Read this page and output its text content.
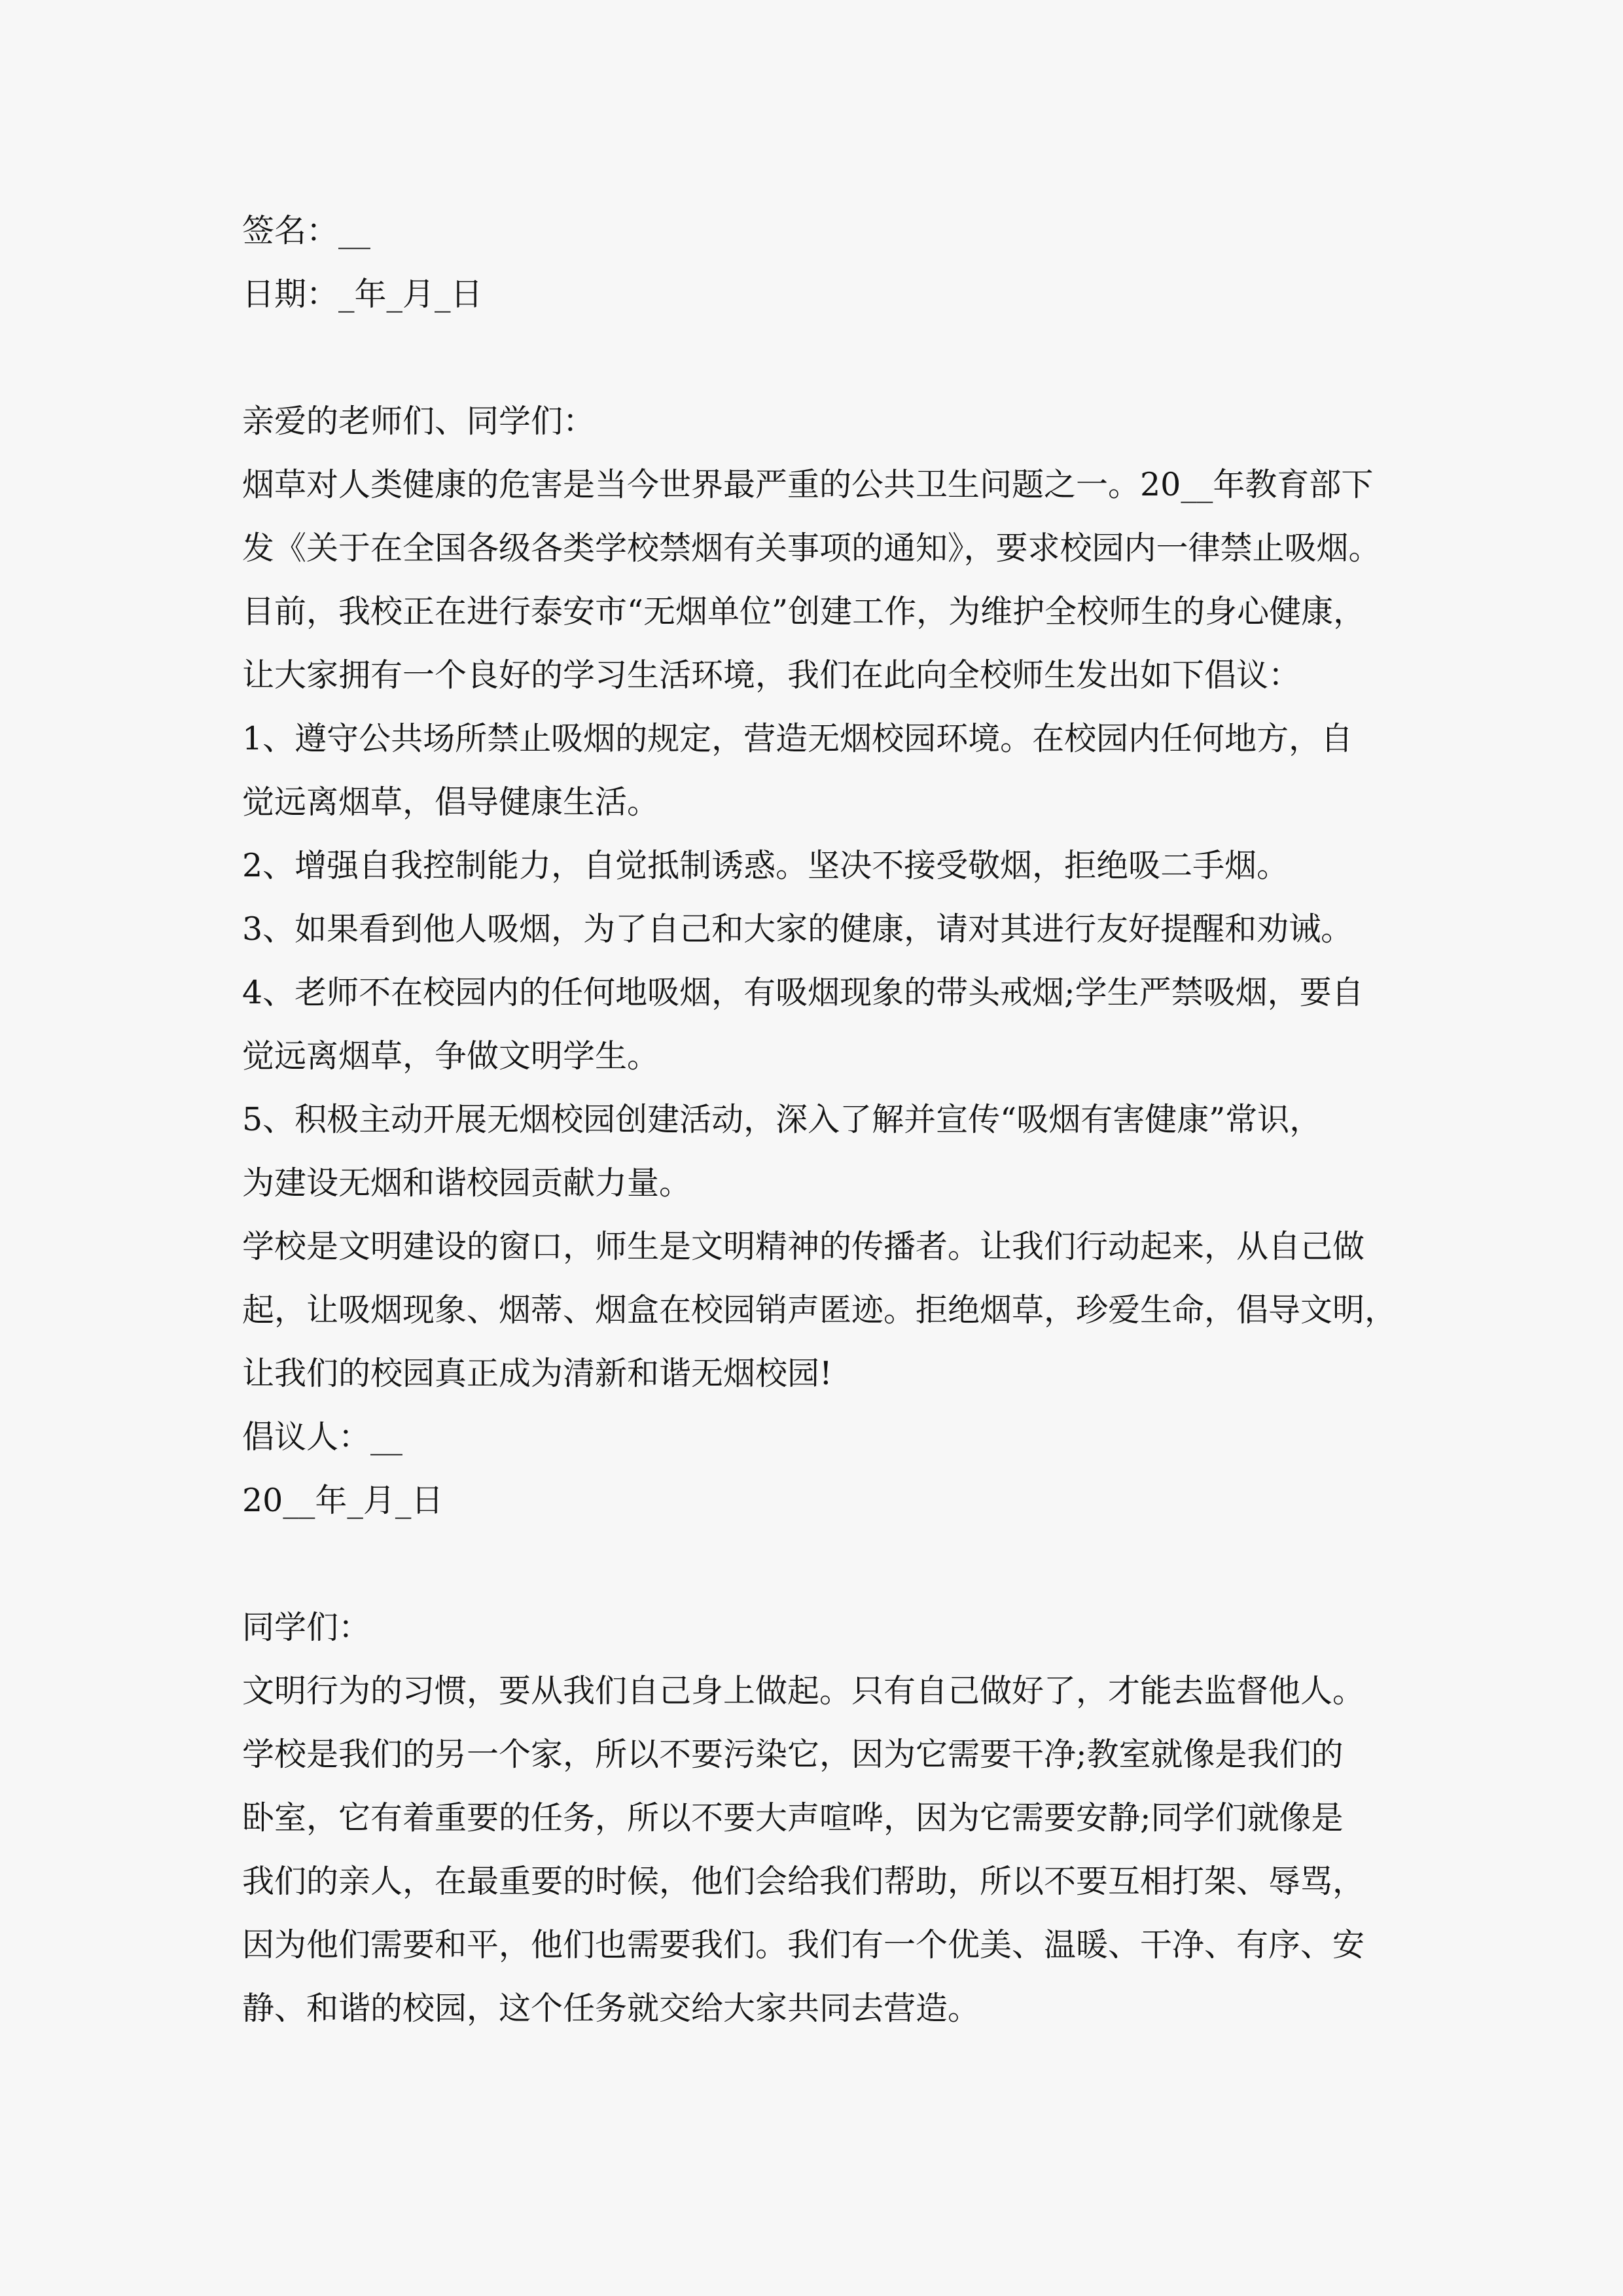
签名：__
日期：_年_月_日
亲爱的老师们、同学们：
烟草对人类健康的危害是当今世界最严重的公共卫生问题之一。20__年教育部下
发《关于在全国各级各类学校禁烟有关事项的通知》，要求校园内一律禁止吸烟。
目前，我校正在进行泰安市“无烟单位”创建工作，为维护全校师生的身心健康，
让大家拥有一个良好的学习生活环境，我们在此向全校师生发出如下倡议：
1、遵守公共场所禁止吸烟的规定，营造无烟校园环境。在校园内任何地方，自
觉远离烟草，倡导健康生活。
2、增强自我控制能力，自觉抵制诱惑。坚决不接受敬烟，拒绝吸二手烟。
3、如果看到他人吸烟，为了自己和大家的健康，请对其进行友好提醒和劝诫。
4、老师不在校园内的任何地吸烟，有吸烟现象的带头戒烟;学生严禁吸烟，要自
觉远离烟草，争做文明学生。
5、积极主动开展无烟校园创建活动，深入了解并宣传“吸烟有害健康”常识，
为建设无烟和谐校园贡献力量。
学校是文明建设的窗口，师生是文明精神的传播者。让我们行动起来，从自己做
起，让吸烟现象、烟蒂、烟盒在校园销声匿迹。拒绝烟草，珍爱生命，倡导文明，
让我们的校园真正成为清新和谐无烟校园!
倡议人：__
20__年_月_日
同学们：
文明行为的习惯，要从我们自己身上做起。只有自己做好了，才能去监督他人。
学校是我们的另一个家，所以不要污染它，因为它需要干净;教室就像是我们的
卧室，它有着重要的任务，所以不要大声喧哗，因为它需要安静;同学们就像是
我们的亲人，在最重要的时候，他们会给我们帮助，所以不要互相打架、辱骂，
因为他们需要和平，他们也需要我们。我们有一个优美、温暖、干净、有序、安
静、和谐的校园，这个任务就交给大家共同去营造。
